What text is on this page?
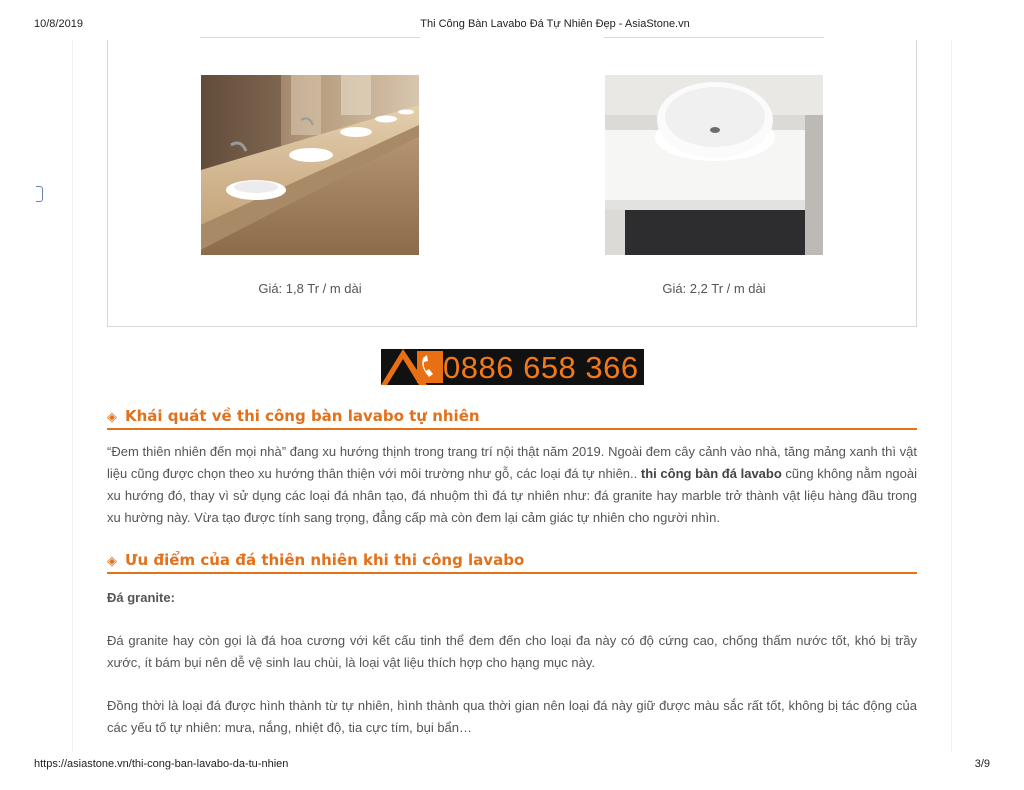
10/8/2019	Thi Công Bàn Lavabo Đá Tự Nhiên Đẹp - AsiaStone.vn
https://asiastone.vn/thi-cong-ban-lavabo-da-tu-nhien	3/9
Giá: 1,8 Tr / m dài	Giá: 2,2 Tr / m dài
0886 658 366
◈ Khái quát về thi công bàn lavabo tự nhiên
“Đem thiên nhiên đến mọi nhà” đang xu hướng thịnh trong trang trí nội thật năm 2019. Ngoài đem cây cảnh vào nhà, tăng mảng xanh thì vật liệu cũng được chọn theo xu hướng thân thiện với môi trường như gỗ, các loại đá tự nhiên.. thi công bàn đá lavabo cũng không nằm ngoài xu hướng đó, thay vì sử dụng các loại đá nhân tạo, đá nhuộm thì đá tự nhiên như: đá granite hay marble trở thành vật liệu hàng đầu trong xu hường này. Vừa tạo được tính sang trọng, đẳng cấp mà còn đem lại cảm giác tự nhiên cho người nhìn.
◈ Ưu điểm của đá thiên nhiên khi thi công lavabo
Đá granite:
Đá granite hay còn gọi là đá hoa cương với kết cấu tinh thể đem đến cho loại đa này có độ cứng cao, chống thấm nước tốt, khó bị trầy xước, ít bám bụi nên dễ vệ sinh lau chùi, là loại vật liệu thích hợp cho hạng mục này.
Đồng thời là loại đá được hình thành từ tự nhiên, hình thành qua thời gian nên loại đá này giữ được màu sắc rất tốt, không bị tác động của các yếu tố tự nhiên: mưa, nắng, nhiệt độ, tia cực tím, bụi bẩn…
